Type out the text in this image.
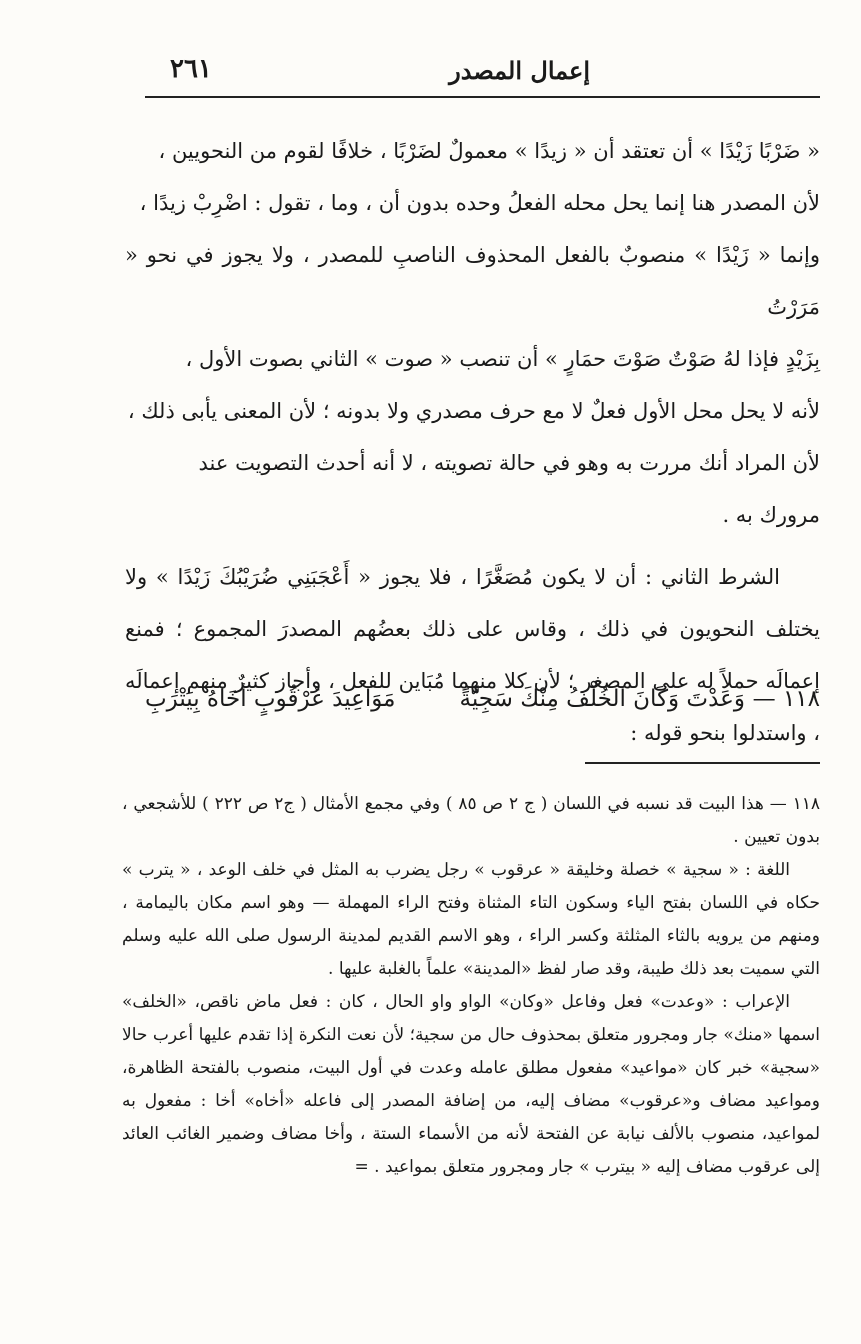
إعمال المصدر
٢٦١

« ضَرْبًا زَيْدًا » أن تعتقد أن « زيدًا » معمولٌ لضَرْبًا ، خلافًا لقوم من النحويين ،

لأن المصدر هنا إنما يحل محله الفعلُ وحده بدون أن ، وما ، تقول : اضْرِبْ زيدًا ،

وإنما « زَيْدًا » منصوبٌ بالفعل المحذوف الناصبِ للمصدر ، ولا يجوز في نحو « مَرَرْتُ

بِزَيْدٍ فإذا لهُ صَوْتٌ صَوْتَ حمَارٍ » أن تنصب « صوت » الثاني بصوت الأول ،

لأنه لا يحل محل الأول فعلٌ لا مع حرف مصدري ولا بدونه ؛ لأن المعنى يأبى ذلك ،

لأن المراد أنك مررت به وهو في حالة تصويته ، لا أنه أحدث التصويت عند

مرورك به .

الشرط الثاني : أن لا يكون مُصَغَّرًا ، فلا يجوز « أَعْجَبَنِي ضُرَيْبُكَ زَيْدًا » ولا يختلف النحويون في ذلك ، وقاس على ذلك بعضُهم المصدرَ المجموع ؛ فمنع إعمالَه حملاً له على المصغر ؛ لأن كلا منهما مُبَاين للفعل ، وأجاز كثيرٌ منهم إعمالَه ، واستدلوا بنحو قوله :

١١٨ —
وَعَدْتَ وَكَانَ الخُلْفُ مِنْكَ سَجِيَّةً
مَوَاعِيدَ عُرْقُوبٍ أخَاهُ بِيَتْرَبِ

١١٨ — هذا البيت قد نسبه في اللسان ( ج ٢ ص ٨٥ ) وفي مجمع الأمثال ( ج٢ ص ٢٢٢ ) للأشجعي ، بدون تعيين .

اللغة : « سجية » خصلة وخليقة « عرقوب » رجل يضرب به المثل في خلف الوعد ، « يترب » حكاه في اللسان بفتح الياء وسكون التاء المثناة وفتح الراء المهملة — وهو اسم مكان باليمامة ، ومنهم من يرويه بالثاء المثلثة وكسر الراء ، وهو الاسم القديم لمدينة الرسول صلى الله عليه وسلم التي سميت بعد ذلك طيبة، وقد صار لفظ «المدينة» علماً بالغلبة عليها .

الإعراب : «وعدت» فعل وفاعل «وكان» الواو واو الحال ، كان : فعل ماض ناقص، «الخلف» اسمها «منك» جار ومجرور متعلق بمحذوف حال من سجية؛ لأن نعت النكرة إذا تقدم عليها أعرب حالا «سجية» خبر كان «مواعيد» مفعول مطلق عامله وعدت في أول البيت، منصوب بالفتحة الظاهرة، ومواعيد مضاف و«عرقوب» مضاف إليه، من إضافة المصدر إلى فاعله «أخاه» أخا : مفعول به لمواعيد، منصوب بالألف نيابة عن الفتحة لأنه من الأسماء الستة ، وأخا مضاف وضمير الغائب العائد إلى عرقوب مضاف إليه « بيترب » جار ومجرور متعلق بمواعيد . =
